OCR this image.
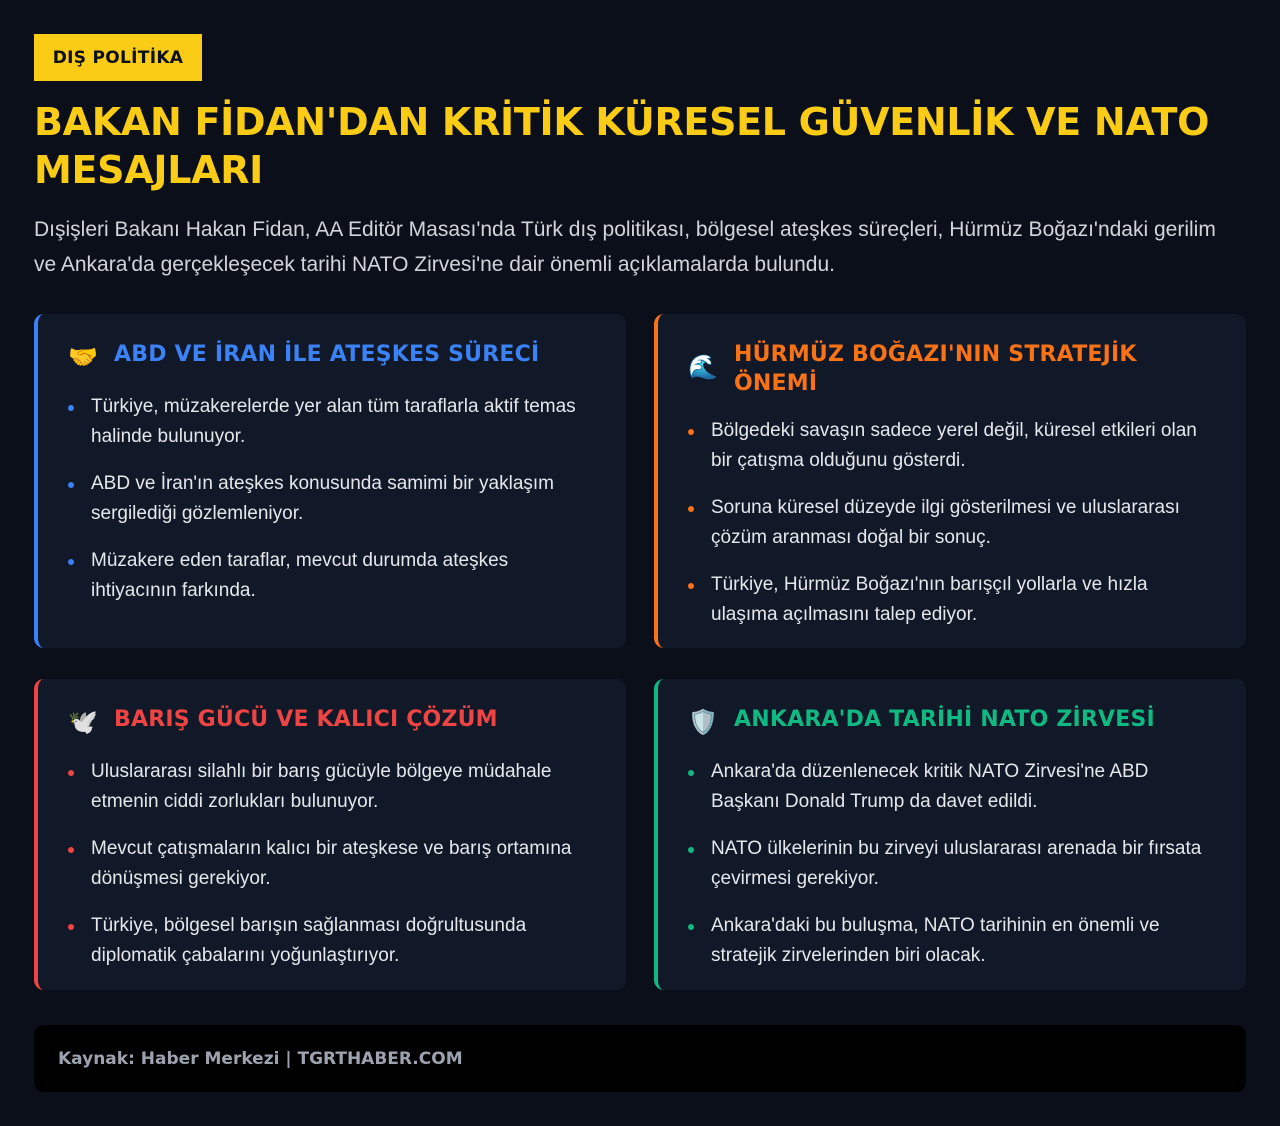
DIŞ POLİTİKA
BAKAN FİDAN'DAN KRİTİK KÜRESEL GÜVENLİK VE NATO MESAJLARI

Dışişleri Bakanı Hakan Fidan, AA Editör Masası'nda Türk dış politikası, bölgesel ateşkes süreçleri, Hürmüz Boğazı'ndaki gerilim ve Ankara'da gerçekleşecek tarihi NATO Zirvesi'ne dair önemli açıklamalarda bulundu.

🤝 ABD VE İRAN İLE ATEŞKES SÜRECİ
Türkiye, müzakerelerde yer alan tüm taraflarla aktif temas halinde bulunuyor.
ABD ve İran'ın ateşkes konusunda samimi bir yaklaşım sergilediği gözlemleniyor.
Müzakere eden taraflar, mevcut durumda ateşkes ihtiyacının farkında.
🌊 HÜRMÜZ BOĞAZI'NIN STRATEJİK ÖNEMİ
Bölgedeki savaşın sadece yerel değil, küresel etkileri olan bir çatışma olduğunu gösterdi.
Soruna küresel düzeyde ilgi gösterilmesi ve uluslararası çözüm aranması doğal bir sonuç.
Türkiye, Hürmüz Boğazı'nın barışçıl yollarla ve hızla ulaşıma açılmasını talep ediyor.
🕊️ BARIŞ GÜCÜ VE KALICI ÇÖZÜM
Uluslararası silahlı bir barış gücüyle bölgeye müdahale etmenin ciddi zorlukları bulunuyor.
Mevcut çatışmaların kalıcı bir ateşkese ve barış ortamına dönüşmesi gerekiyor.
Türkiye, bölgesel barışın sağlanması doğrultusunda diplomatik çabalarını yoğunlaştırıyor.
🛡️ ANKARA'DA TARİHİ NATO ZİRVESİ
Ankara'da düzenlenecek kritik NATO Zirvesi'ne ABD Başkanı Donald Trump da davet edildi.
NATO ülkelerinin bu zirveyi uluslararası arenada bir fırsata çevirmesi gerekiyor.
Ankara'daki bu buluşma, NATO tarihinin en önemli ve stratejik zirvelerinden biri olacak.
Kaynak: Haber Merkezi | TGRTHABER.COM
